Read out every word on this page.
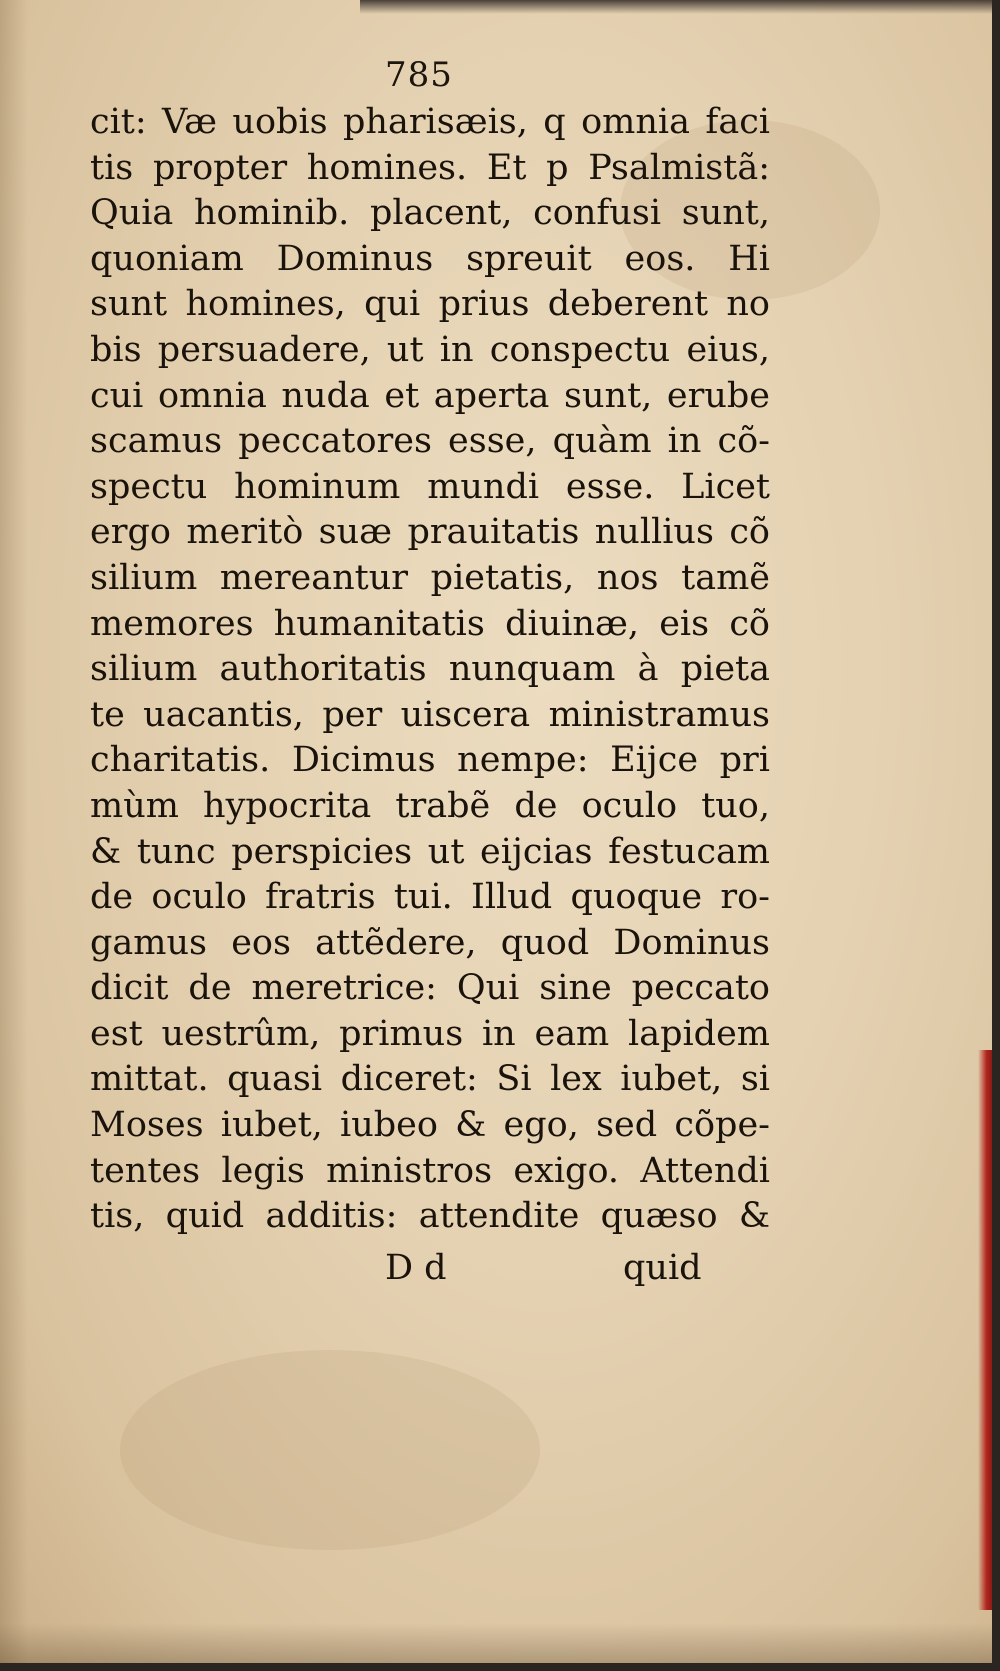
785
cit: Væ uobis pharisæis, q omnia faci
tis propter homines. Et p Psalmistã:
Quia hominib. placent, confusi sunt,
quoniam Dominus spreuit eos. Hi
sunt homines, qui prius deberent no
bis persuadere, ut in conspectu eius,
cui omnia nuda et aperta sunt, erube
scamus peccatores esse, quàm in cõ-
spectu hominum mundi esse. Licet
ergo meritò suæ prauitatis nullius cõ
silium mereantur pietatis, nos tamẽ
memores humanitatis diuinæ, eis cõ
silium authoritatis nunquam à pieta
te uacantis, per uiscera ministramus
charitatis. Dicimus nempe: Eijce pri
mùm hypocrita trabẽ de oculo tuo,
& tunc perspicies ut eijcias festucam
de oculo fratris tui. Illud quoque ro-
gamus eos attẽdere, quod Dominus
dicit de meretrice: Qui sine peccato
est uestrûm, primus in eam lapidem
mittat. quasi diceret: Si lex iubet, si
Moses iubet, iubeo & ego, sed cõpe-
tentes legis ministros exigo. Attendi
tis, quid additis: attendite quæso &
D d	quid
